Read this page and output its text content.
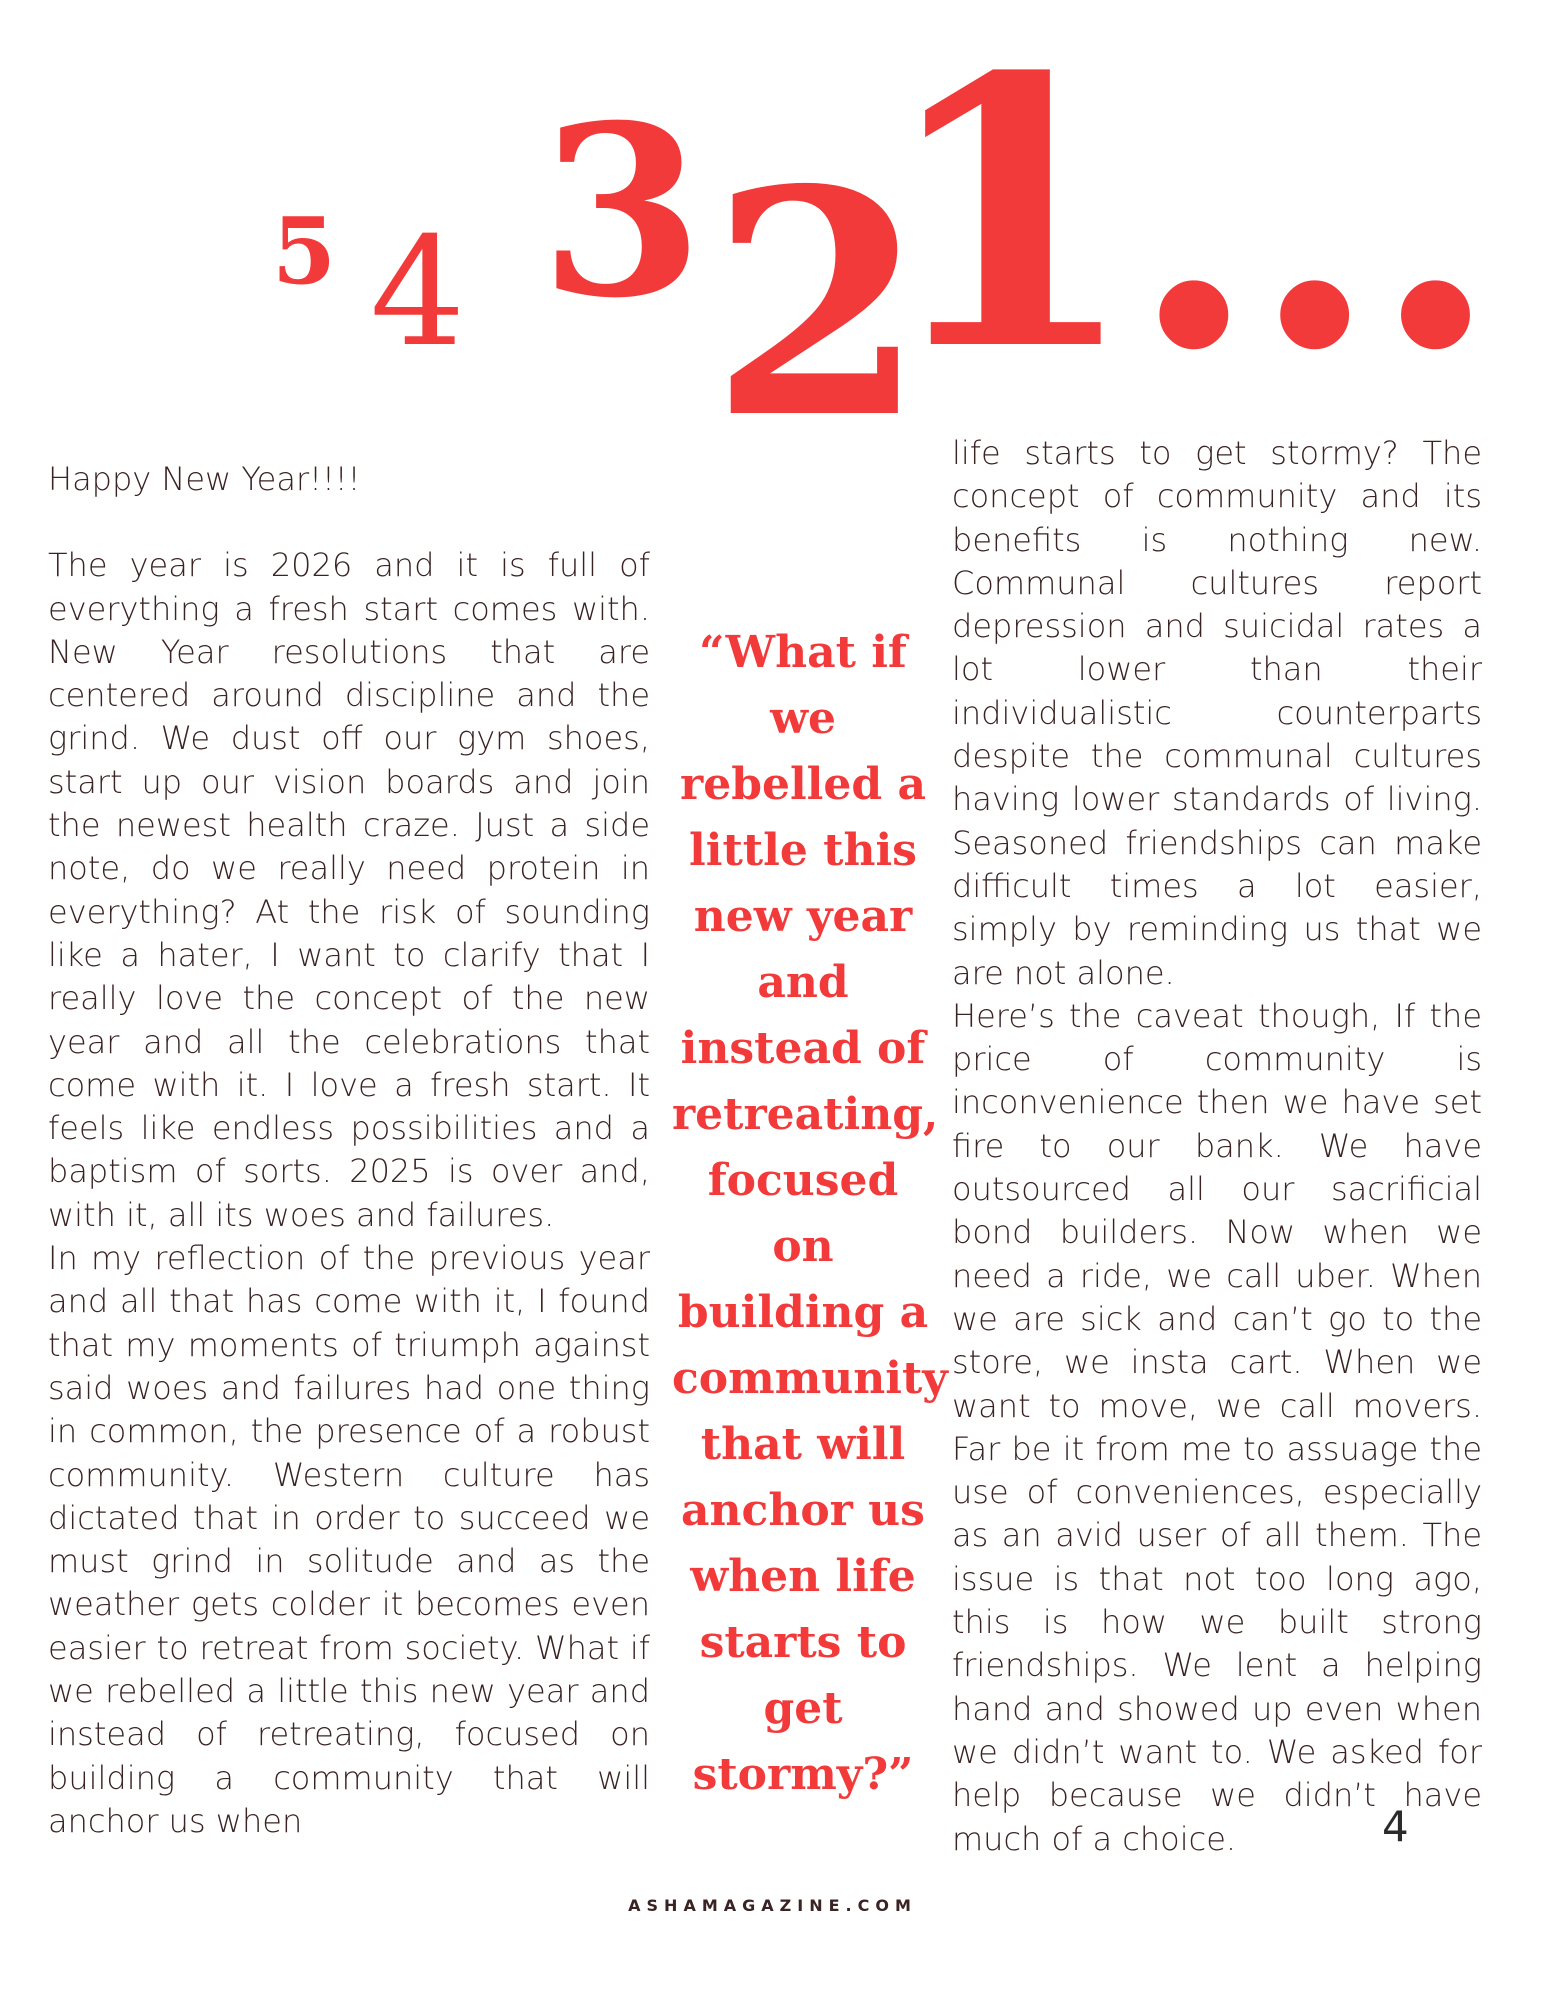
5 4 3 2
1...

Happy New Year!!!!

The year is 2026 and it is full of everything a fresh start comes with. New Year resolutions that are centered around discipline and the grind. We dust off our gym shoes, start up our vision boards and join the newest health craze. Just a side note, do we really need protein in everything? At the risk of sounding like a hater, I want to clarify that I really love the concept of the new year and all the celebrations that come with it. I love a fresh start. It feels like endless possibilities and a baptism of sorts. 2025 is over and, with it, all its woes and failures.

In my reflection of the previous year and all that has come with it, I found that my moments of triumph against said woes and failures had one thing in common, the presence of a robust community. Western culture has dictated that in order to succeed we must grind in solitude and as the weather gets colder it becomes even easier to retreat from society. What if we rebelled a little this new year and instead of retreating, focused on building a community that will anchor us when

“What if we rebelled a little this new year and instead of retreating, focused on building a community that will anchor us when life starts to get stormy?”

life starts to get stormy? The concept of community and its benefits is nothing new. Communal cultures report depression and suicidal rates a lot lower than their individualistic counterparts despite the communal cultures having lower standards of living. Seasoned friendships can make difficult times a lot easier, simply by reminding us that we are not alone.

Here’s the caveat though, If the price of community is inconvenience then we have set fire to our bank. We have outsourced all our sacrificial bond builders. Now when we need a ride, we call uber. When we are sick and can’t go to the store, we insta cart. When we want to move, we call movers. Far be it from me to assuage the use of conveniences, especially as an avid user of all them. The issue is that not too long ago, this is how we built strong friendships. We lent a helping hand and showed up even when we didn’t want to. We asked for help because we didn’t have much of a choice.	4
ASHAMAGAZINE.COM
